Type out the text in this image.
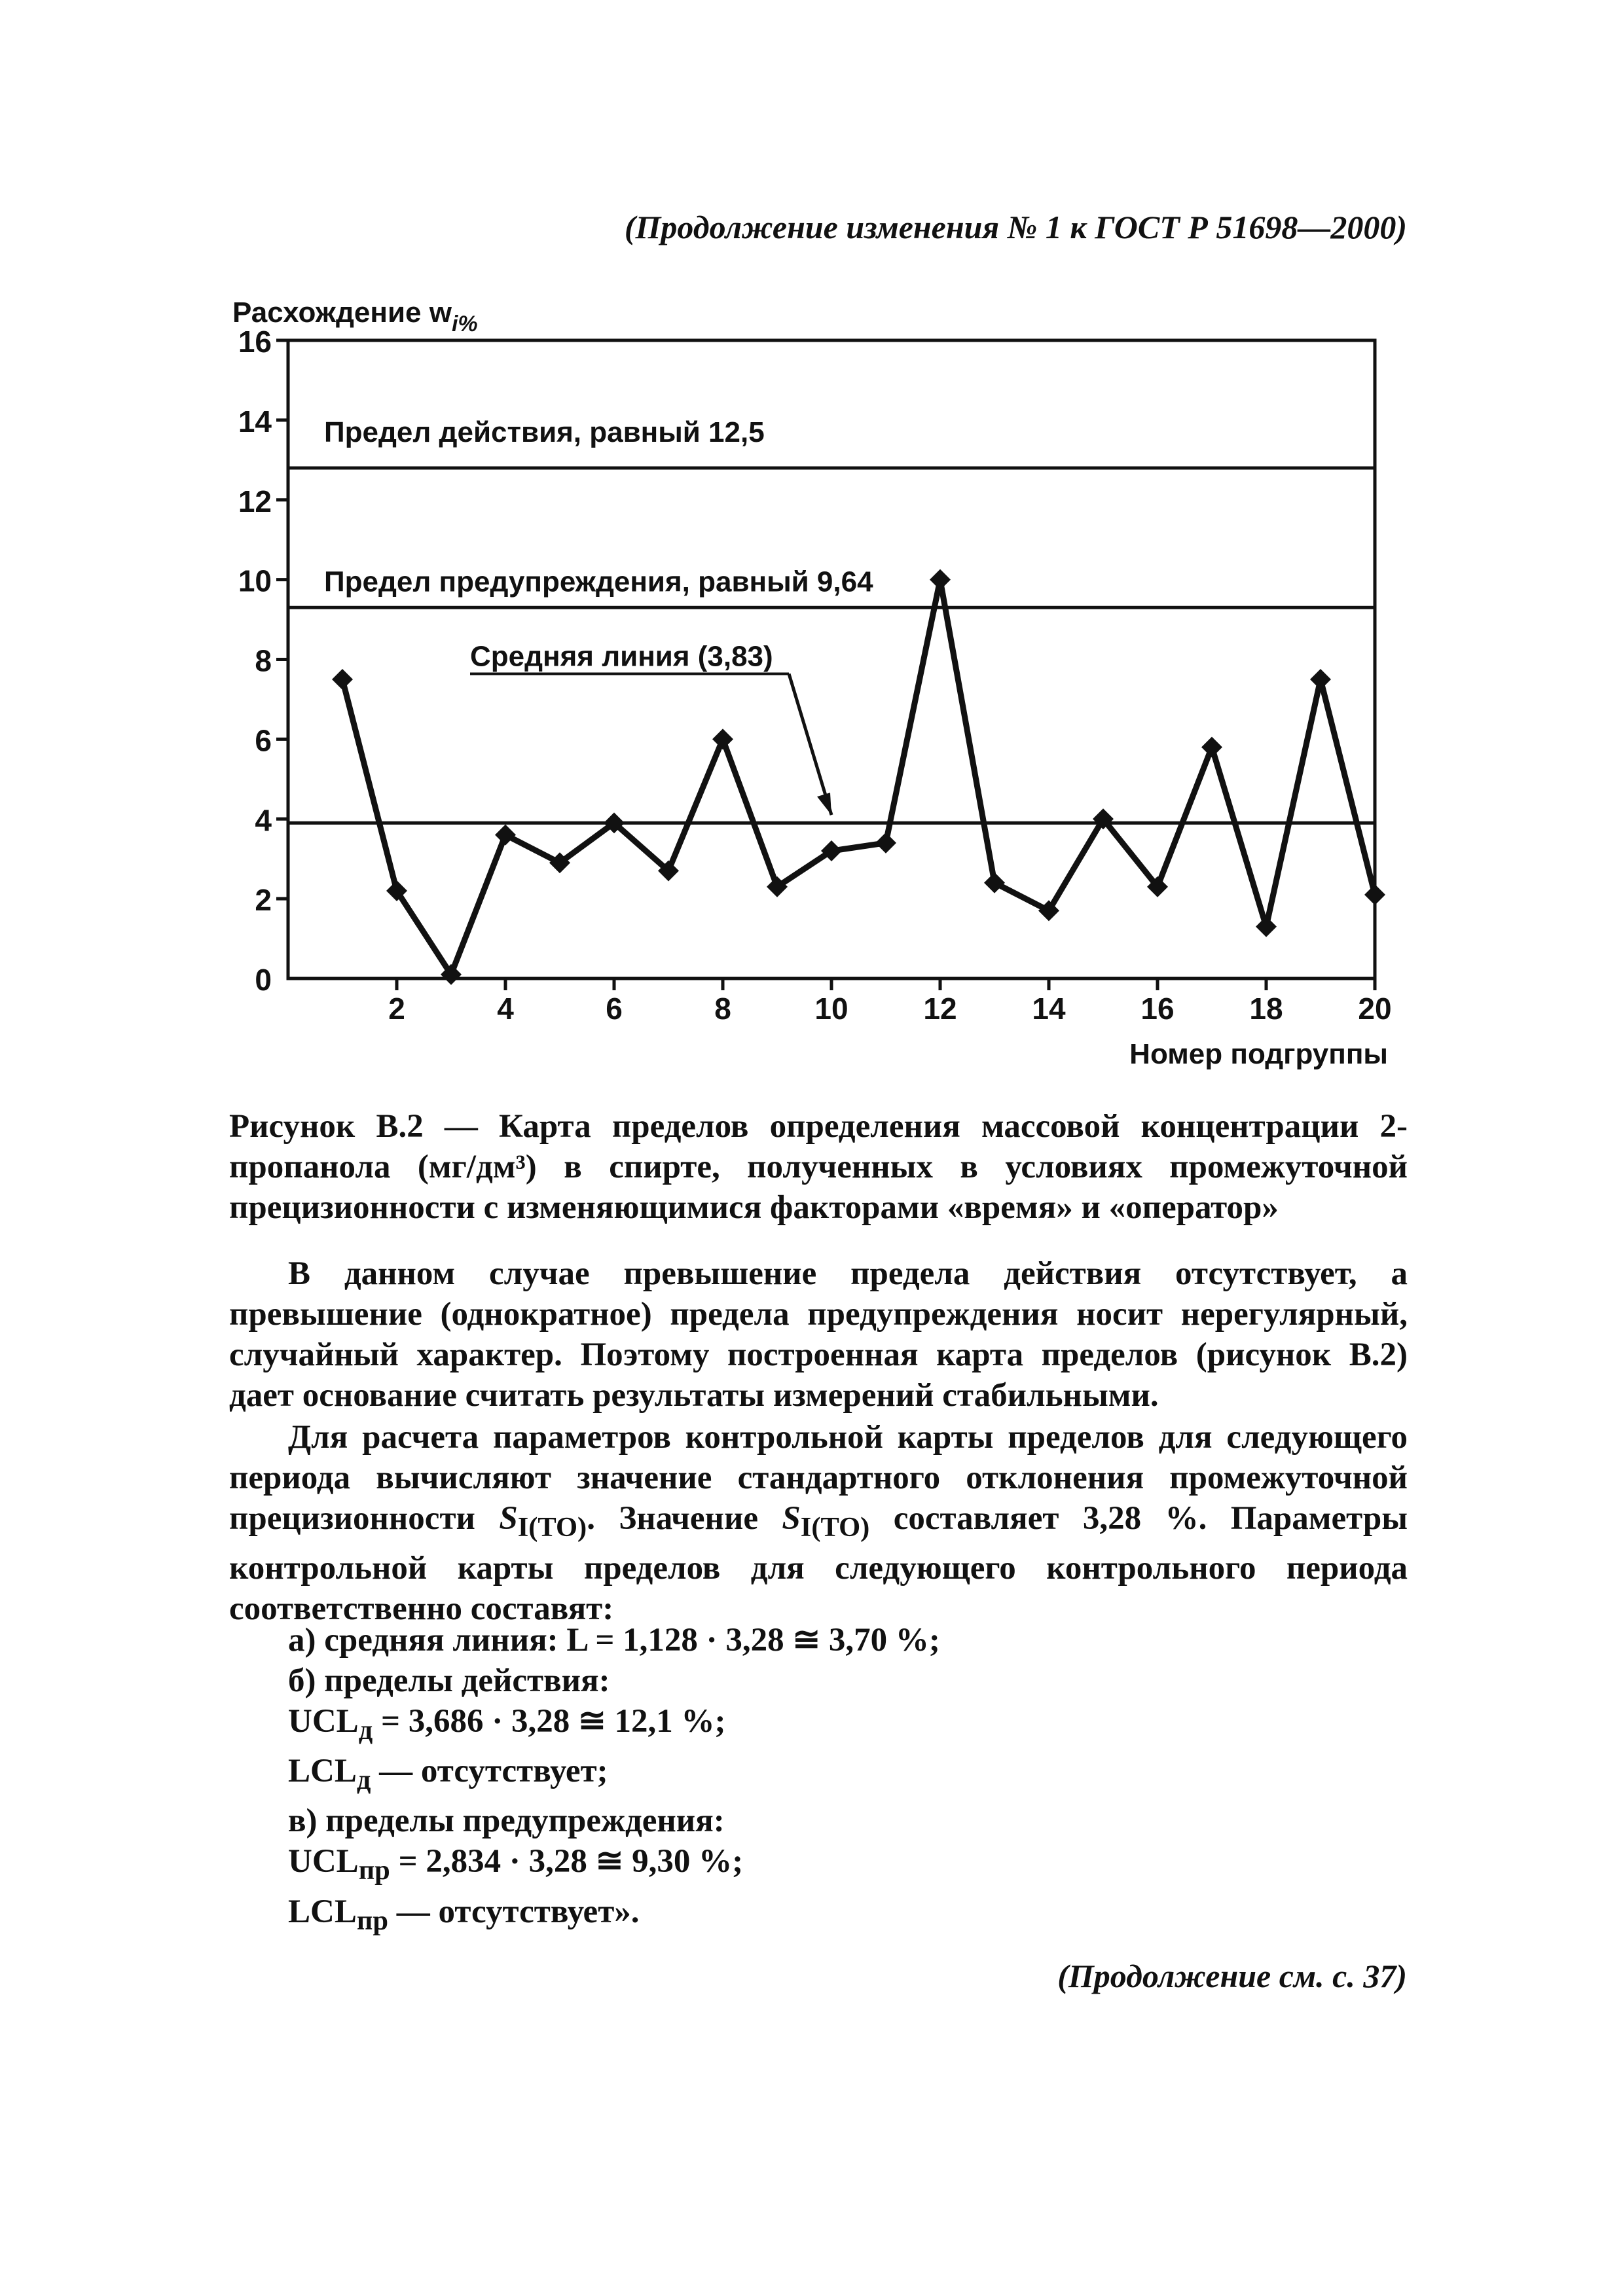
(Продолжение изменения № 1 к ГОСТ Р 51698—2000)
0
2
4
6
8
10
12
14
16
2	4	6	8	10 12 14 16 18 20
Расхождение $w_{i\%}$
Номер подгруппы
Предел действия, равный 12,5
Предел предупреждения, равный 9,64
Средняя линия (3,83)
Рисунок В.2 — Карта пределов определения массовой концентрации 2-пропанола (мг/дм³) в спирте, полученных в условиях промежуточной прецизионности с изменяющимися факторами «время» и «оператор»
В данном случае превышение предела действия отсутствует, а превышение (однократное) предела предупреждения носит нерегулярный, случайный характер. Поэтому построенная карта пределов (рисунок В.2) дает основание считать результаты измерений стабильными.
Для расчета параметров контрольной карты пределов для следующего периода вычисляют значение стандартного отклонения промежуточной прецизионности $S_{I(TO)}$. Значение $S_{I(TO)}$ составляет 3,28 %. Параметры контрольной карты пределов для следующего контрольного периода соответственно составят:
а) средняя линия: L = 1,128 · 3,28 ≅ 3,70 %;
б) пределы действия:
$UCL_д = 3,686 \cdot 3,28$ ≅ 12,1 %;
$LCL_д$ — отсутствует;
в) пределы предупреждения:
$UCL_{пр} = 2,834 \cdot 3,28$ ≅ 9,30 %;
$LCL_{пр}$ — отсутствует».
(Продолжение см. с. 37)
